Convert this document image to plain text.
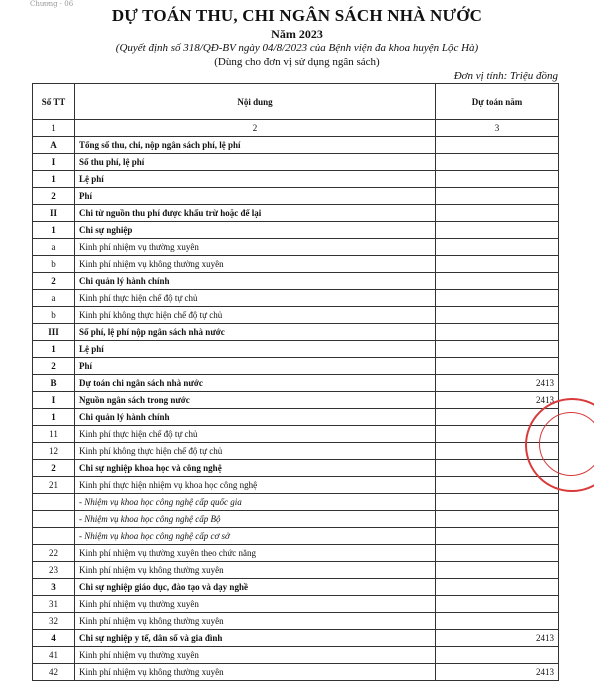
Chương · 06
DỰ TOÁN THU, CHI NGÂN SÁCH NHÀ NƯỚC
Năm 2023
(Quyết định số 318/QĐ-BV ngày 04/8/2023 của Bệnh viện đa khoa huyện Lộc Hà)
(Dùng cho đơn vị sử dụng ngân sách)
Đơn vị tính: Triệu đồng
Số TT	Nội dung	Dự toán năm
1	2	3
A	Tổng số thu, chi, nộp ngân sách phí, lệ phí	
I	Số thu phí, lệ phí	
1	Lệ phí	
2	Phí	
II	Chi từ nguồn thu phí được khấu trừ hoặc để lại	
1	Chi sự nghiệp	
a	Kinh phí nhiệm vụ thường xuyên	
b	Kinh phí nhiệm vụ không thường xuyên	
2	Chi quản lý hành chính	
a	Kinh phí thực hiện chế độ tự chủ	
b	Kinh phí không thực hiện chế độ tự chủ	
III	Số phí, lệ phí nộp ngân sách nhà nước	
1	Lệ phí	
2	Phí	
B	Dự toán chi ngân sách nhà nước	2413
I	Nguồn ngân sách trong nước	2413
1	Chi quản lý hành chính	
11	Kinh phí thực hiện chế độ tự chủ	
12	Kinh phí không thực hiện chế độ tự chủ	
2	Chi sự nghiệp khoa học và công nghệ	
21	Kinh phí thực hiện nhiệm vụ khoa học công nghệ	
	- Nhiệm vụ khoa học công nghệ cấp quốc gia	
	- Nhiệm vụ khoa học công nghệ cấp Bộ	
	- Nhiệm vụ khoa học công nghệ cấp cơ sở	
22	Kinh phí nhiệm vụ thường xuyên theo chức năng	
23	Kinh phí nhiệm vụ không thường xuyên	
3	Chi sự nghiệp giáo dục, đào tạo và dạy nghề	
31	Kinh phí nhiệm vụ thường xuyên	
32	Kinh phí nhiệm vụ không thường xuyên	
4	Chi sự nghiệp y tế, dân số và gia đình	2413
41	Kinh phí nhiệm vụ thường xuyên	
42	Kinh phí nhiệm vụ không thường xuyên	2413
